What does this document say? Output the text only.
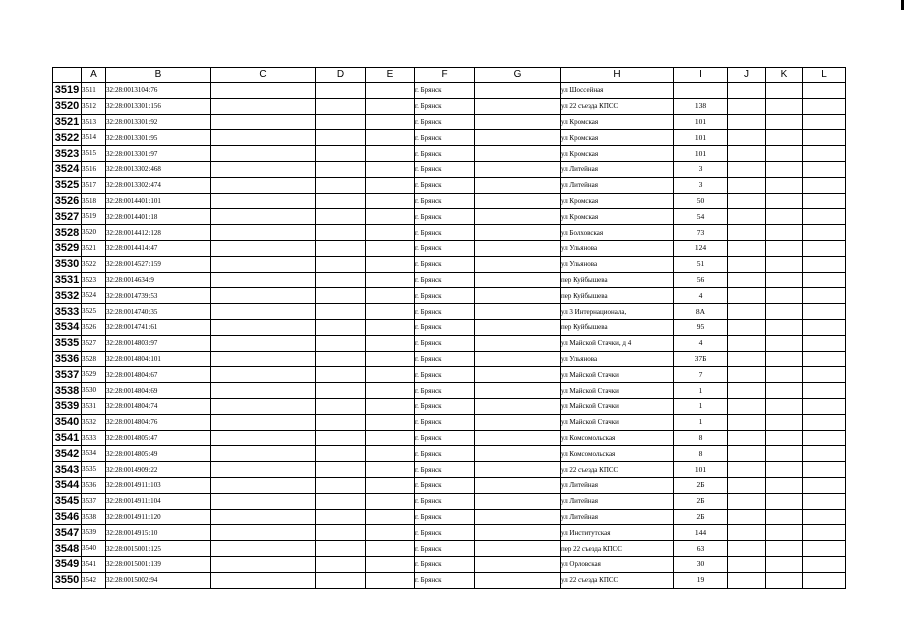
	A	B	C	D	E	F	G	H	I	J	K	L
3519	3511	32:28:0013104:76				г. Брянск		ул Шоссейная				
3520	3512	32:28:0013301:156				г. Брянск		ул 22 съезда КПСС	138			
3521	3513	32:28:0013301:92				г. Брянск		ул Кромская	101			
3522	3514	32:28:0013301:95				г. Брянск		ул Кромская	101			
3523	3515	32:28:0013301:97				г. Брянск		ул Кромская	101			
3524	3516	32:28:0013302:468				г. Брянск		ул Литейная	3			
3525	3517	32:28:0013302:474				г. Брянск		ул Литейная	3			
3526	3518	32:28:0014401:101				г. Брянск		ул Кромская	50			
3527	3519	32:28:0014401:18				г. Брянск		ул Кромская	54			
3528	3520	32:28:0014412:128				г. Брянск		ул Болховская	73			
3529	3521	32:28:0014414:47				г. Брянск		ул Ульянова	124			
3530	3522	32:28:0014527:159				г. Брянск		ул Ульянова	51			
3531	3523	32:28:0014634:9				г. Брянск		пер Куйбышева	56			
3532	3524	32:28:0014739:53				г. Брянск		пер Куйбышева	4			
3533	3525	32:28:0014740:35				г. Брянск		ул 3 Интернационала,	8А			
3534	3526	32:28:0014741:61				г. Брянск		пер Куйбышева	95			
3535	3527	32:28:0014803:97				г. Брянск		ул Майской Стачки, д 4	4			
3536	3528	32:28:0014804:101				г. Брянск		ул Ульянова	37Б			
3537	3529	32:28:0014804:67				г. Брянск		ул Майской Стачки	7			
3538	3530	32:28:0014804:69				г. Брянск		ул Майской Стачки	1			
3539	3531	32:28:0014804:74				г. Брянск		ул Майской Стачки	1			
3540	3532	32:28:0014804:76				г. Брянск		ул Майской Стачки	1			
3541	3533	32:28:0014805:47				г. Брянск		ул Комсомольская	8			
3542	3534	32:28:0014805:49				г. Брянск		ул Комсомольская	8			
3543	3535	32:28:0014909:22				г. Брянск		ул 22 съезда КПСС	101			
3544	3536	32:28:0014911:103				г. Брянск		ул Литейная	2Б			
3545	3537	32:28:0014911:104				г. Брянск		ул Литейная	2Б			
3546	3538	32:28:0014911:120				г. Брянск		ул Литейная	2Б			
3547	3539	32:28:0014915:10				г. Брянск		ул Институтская	144			
3548	3540	32:28:0015001:125				г. Брянск		пер 22 съезда КПСС	63			
3549	3541	32:28:0015001:139				г. Брянск		ул Орловская	30			
3550	3542	32:28:0015002:94				г. Брянск		ул 22 съезда КПСС	19			
